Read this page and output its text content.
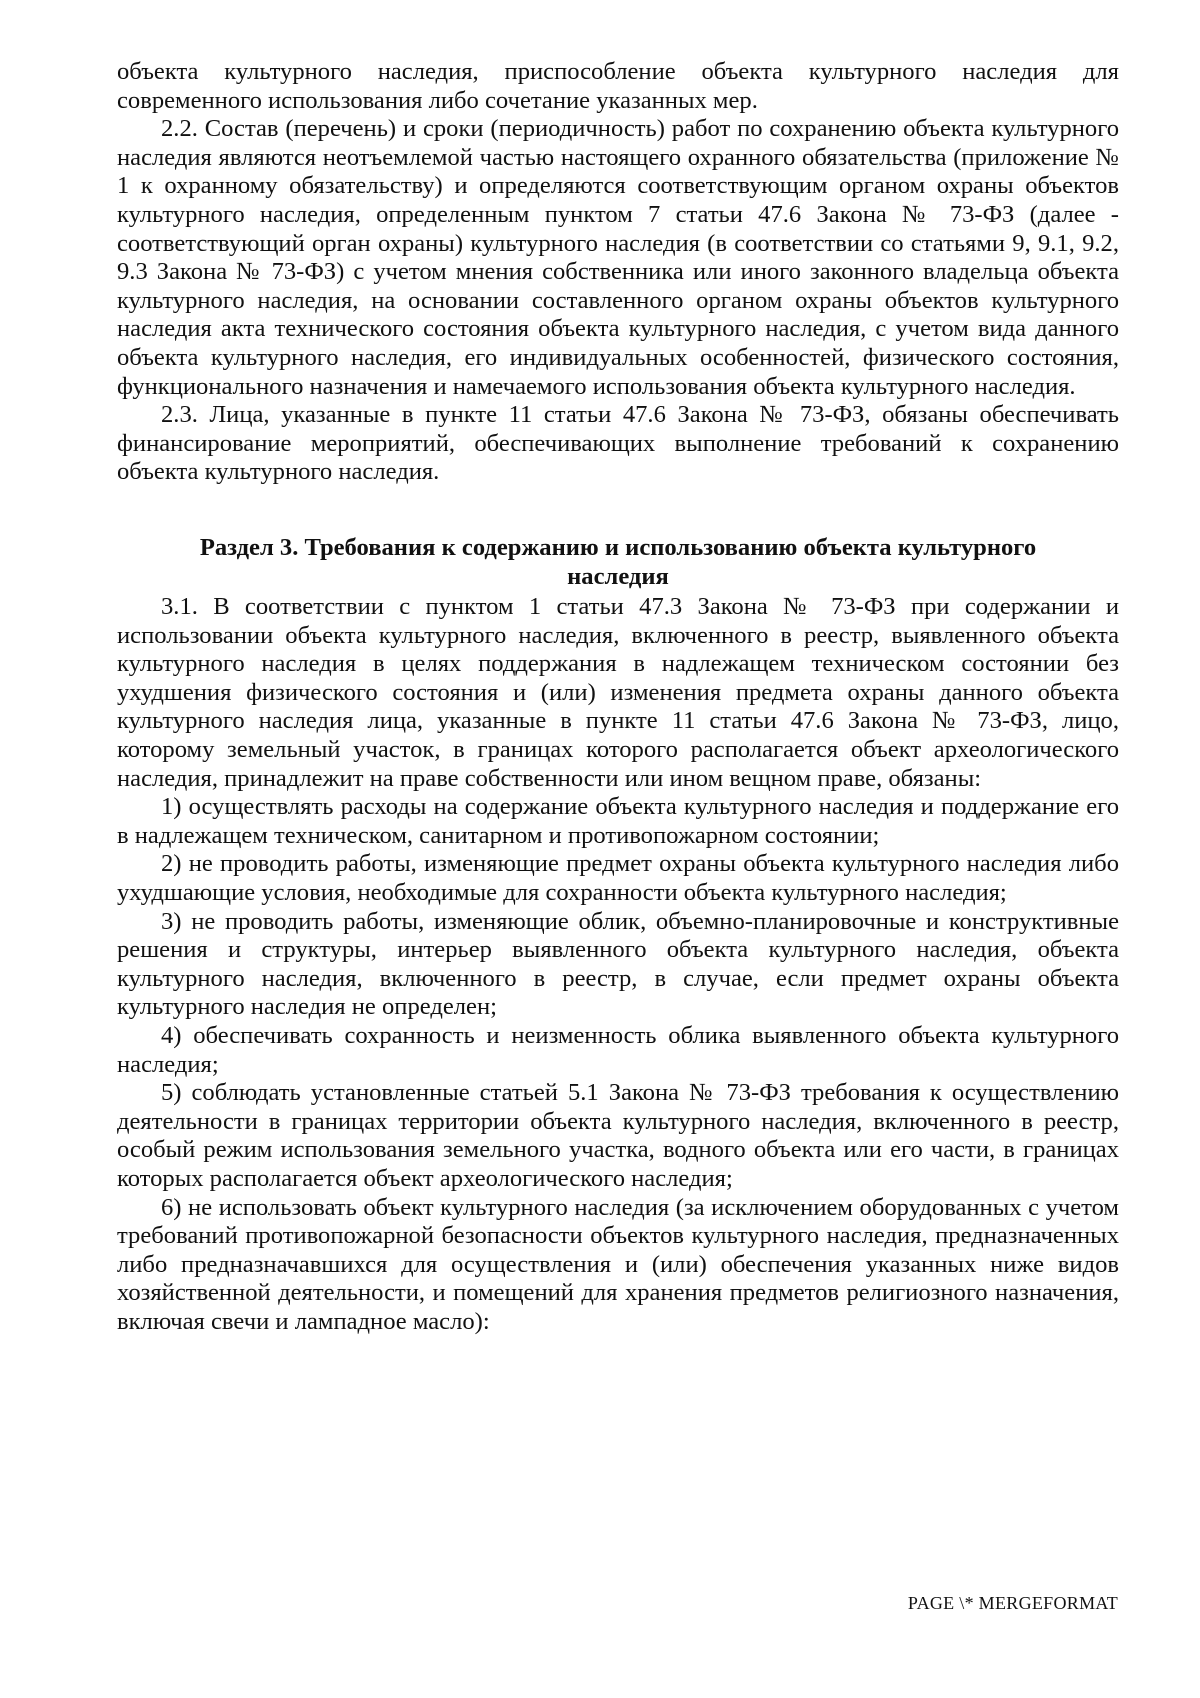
объекта культурного наследия, приспособление объекта культурного наследия для современного использования либо сочетание указанных мер.

2.2. Состав (перечень) и сроки (периодичность) работ по сохранению объекта культурного наследия являются неотъемлемой частью настоящего охранного обязательства (приложение № 1 к охранному обязательству) и определяются соответствующим органом охраны объектов культурного наследия, определенным пунктом 7 статьи 47.6 Закона № 73-ФЗ (далее - соответствующий орган охраны) культурного наследия (в соответствии со статьями 9, 9.1, 9.2, 9.3 Закона № 73-ФЗ) с учетом мнения собственника или иного законного владельца объекта культурного наследия, на основании составленного органом охраны объектов культурного наследия акта технического состояния объекта культурного наследия, с учетом вида данного объекта культурного наследия, его индивидуальных особенностей, физического состояния, функционального назначения и намечаемого использования объекта культурного наследия.

2.3. Лица, указанные в пункте 11 статьи 47.6 Закона № 73-ФЗ, обязаны обеспечивать финансирование мероприятий, обеспечивающих выполнение требований к сохранению объекта культурного наследия.

Раздел 3. Требования к содержанию и использованию объекта культурного наследия

3.1. В соответствии с пунктом 1 статьи 47.3 Закона № 73-ФЗ при содержании и использовании объекта культурного наследия, включенного в реестр, выявленного объекта культурного наследия в целях поддержания в надлежащем техническом состоянии без ухудшения физического состояния и (или) изменения предмета охраны данного объекта культурного наследия лица, указанные в пункте 11 статьи 47.6 Закона № 73-ФЗ, лицо, которому земельный участок, в границах которого располагается объект археологического наследия, принадлежит на праве собственности или ином вещном праве, обязаны:

1) осуществлять расходы на содержание объекта культурного наследия и поддержание его в надлежащем техническом, санитарном и противопожарном состоянии;

2) не проводить работы, изменяющие предмет охраны объекта культурного наследия либо ухудшающие условия, необходимые для сохранности объекта культурного наследия;

3) не проводить работы, изменяющие облик, объемно-планировочные и конструктивные решения и структуры, интерьер выявленного объекта культурного наследия, объекта культурного наследия, включенного в реестр, в случае, если предмет охраны объекта культурного наследия не определен;

4) обеспечивать сохранность и неизменность облика выявленного объекта культурного наследия;

5) соблюдать установленные статьей 5.1 Закона № 73-ФЗ требования к осуществлению деятельности в границах территории объекта культурного наследия, включенного в реестр, особый режим использования земельного участка, водного объекта или его части, в границах которых располагается объект археологического наследия;

6) не использовать объект культурного наследия (за исключением оборудованных с учетом требований противопожарной безопасности объектов культурного наследия, предназначенных либо предназначавшихся для осуществления и (или) обеспечения указанных ниже видов хозяйственной деятельности, и помещений для хранения предметов религиозного назначения, включая свечи и лампадное масло):

PAGE \* MERGEFORMAT
